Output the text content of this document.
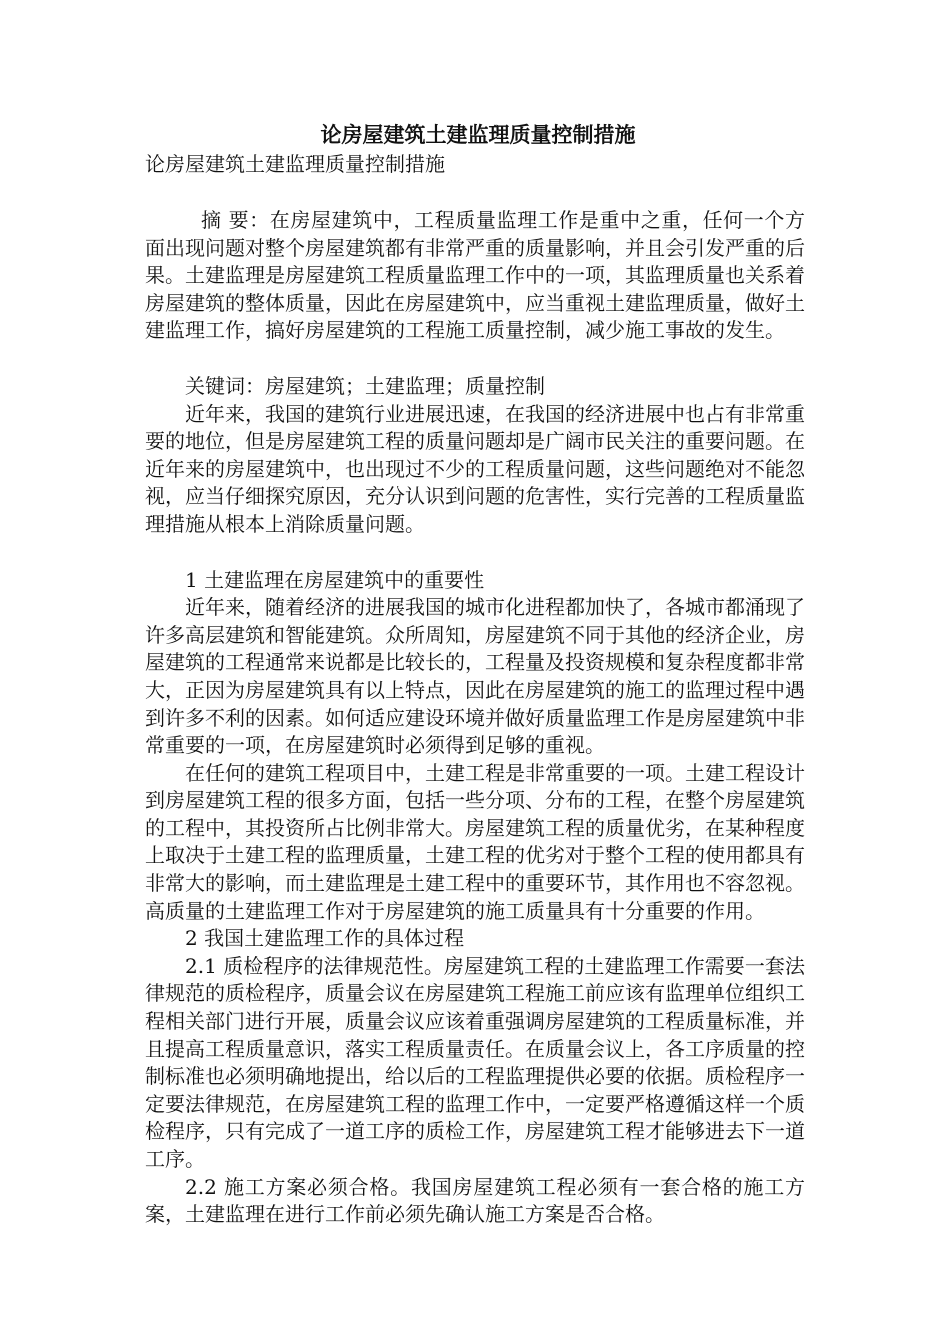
论房屋建筑土建监理质量控制措施

论房屋建筑土建监理质量控制措施

摘 要：在房屋建筑中，工程质量监理工作是重中之重，任何一个方面出现问题对整个房屋建筑都有非常严重的质量影响，并且会引发严重的后果。土建监理是房屋建筑工程质量监理工作中的一项，其监理质量也关系着房屋建筑的整体质量，因此在房屋建筑中，应当重视土建监理质量，做好土建监理工作，搞好房屋建筑的工程施工质量控制，减少施工事故的发生。

关键词：房屋建筑；土建监理；质量控制

近年来，我国的建筑行业进展迅速，在我国的经济进展中也占有非常重要的地位，但是房屋建筑工程的质量问题却是广阔市民关注的重要问题。在近年来的房屋建筑中，也出现过不少的工程质量问题，这些问题绝对不能忽视，应当仔细探究原因，充分认识到问题的危害性，实行完善的工程质量监理措施从根本上消除质量问题。

1 土建监理在房屋建筑中的重要性

近年来，随着经济的进展我国的城市化进程都加快了，各城市都涌现了许多高层建筑和智能建筑。众所周知，房屋建筑不同于其他的经济企业，房屋建筑的工程通常来说都是比较长的，工程量及投资规模和复杂程度都非常大，正因为房屋建筑具有以上特点，因此在房屋建筑的施工的监理过程中遇到许多不利的因素。如何适应建设环境并做好质量监理工作是房屋建筑中非常重要的一项，在房屋建筑时必须得到足够的重视。

在任何的建筑工程项目中，土建工程是非常重要的一项。土建工程设计到房屋建筑工程的很多方面，包括一些分项、分布的工程，在整个房屋建筑的工程中，其投资所占比例非常大。房屋建筑工程的质量优劣，在某种程度上取决于土建工程的监理质量，土建工程的优劣对于整个工程的使用都具有非常大的影响，而土建监理是土建工程中的重要环节，其作用也不容忽视。高质量的土建监理工作对于房屋建筑的施工质量具有十分重要的作用。

2 我国土建监理工作的具体过程

2.1 质检程序的法律规范性。房屋建筑工程的土建监理工作需要一套法律规范的质检程序，质量会议在房屋建筑工程施工前应该有监理单位组织工程相关部门进行开展，质量会议应该着重强调房屋建筑的工程质量标准，并且提高工程质量意识，落实工程质量责任。在质量会议上，各工序质量的控制标准也必须明确地提出，给以后的工程监理提供必要的依据。质检程序一定要法律规范，在房屋建筑工程的监理工作中，一定要严格遵循这样一个质检程序，只有完成了一道工序的质检工作，房屋建筑工程才能够进去下一道工序。

2.2 施工方案必须合格。我国房屋建筑工程必须有一套合格的施工方案，土建监理在进行工作前必须先确认施工方案是否合格。
